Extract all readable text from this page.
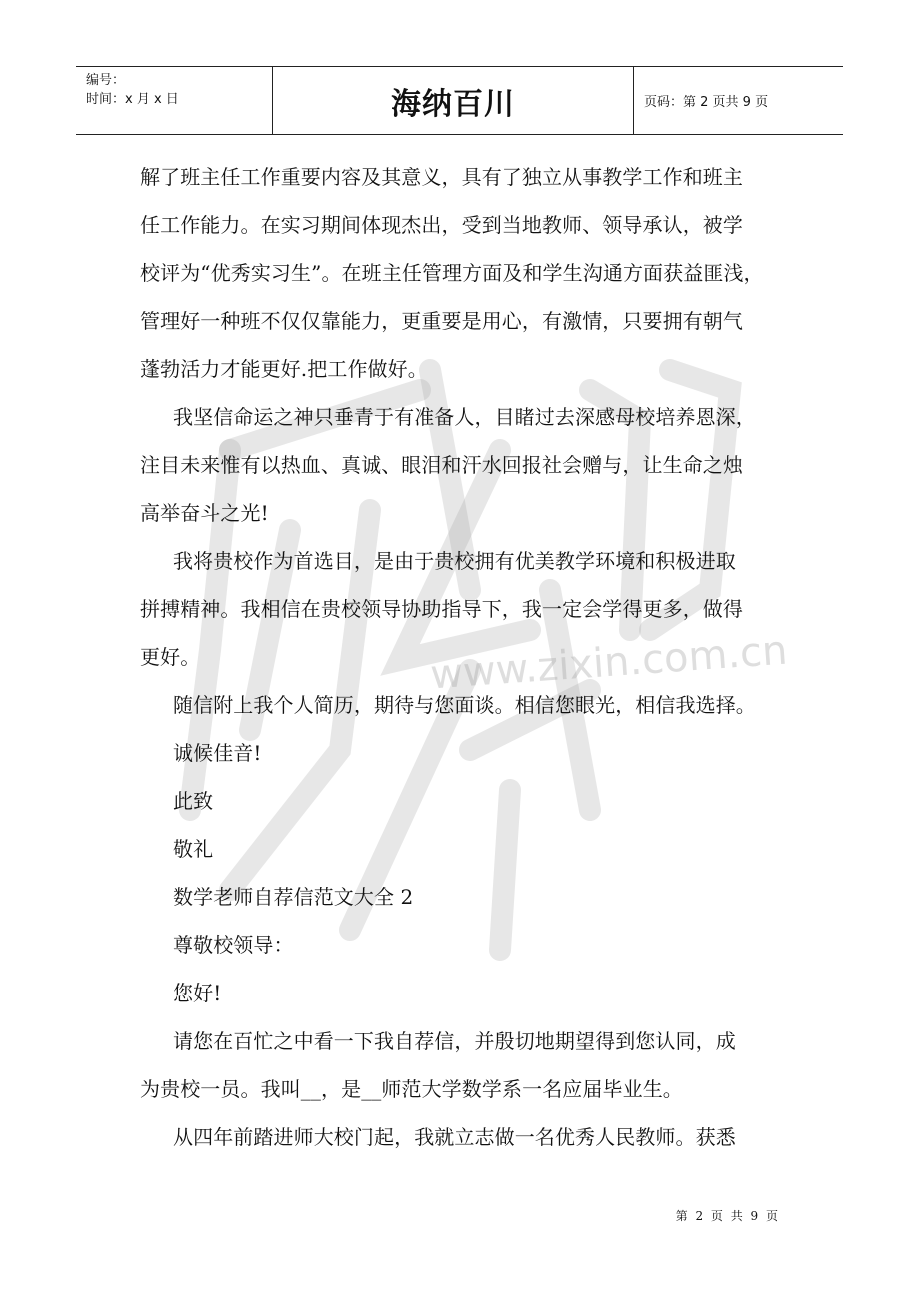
编号：
时间：x 月 x 日	海纳百川	页码：第 2 页共 9 页
www.zixin.com.cn

解了班主任工作重要内容及其意义，具有了独立从事教学工作和班主

任工作能力。在实习期间体现杰出，受到当地教师、领导承认，被学

校评为“优秀实习生”。在班主任管理方面及和学生沟通方面获益匪浅，

管理好一种班不仅仅靠能力，更重要是用心，有激情，只要拥有朝气

蓬勃活力才能更好.把工作做好。

我坚信命运之神只垂青于有准备人，目睹过去深感母校培养恩深，

注目未来惟有以热血、真诚、眼泪和汗水回报社会赠与，让生命之烛

高举奋斗之光!

我将贵校作为首选目，是由于贵校拥有优美教学环境和积极进取

拼搏精神。我相信在贵校领导协助指导下，我一定会学得更多，做得

更好。

随信附上我个人简历，期待与您面谈。相信您眼光，相信我选择。

诚候佳音!

此致

敬礼

数学老师自荐信范文大全 2

尊敬校领导：

您好!

请您在百忙之中看一下我自荐信，并殷切地期望得到您认同，成

为贵校一员。我叫__，是__师范大学数学系一名应届毕业生。

从四年前踏进师大校门起，我就立志做一名优秀人民教师。获悉

第 2 页 共 9 页
